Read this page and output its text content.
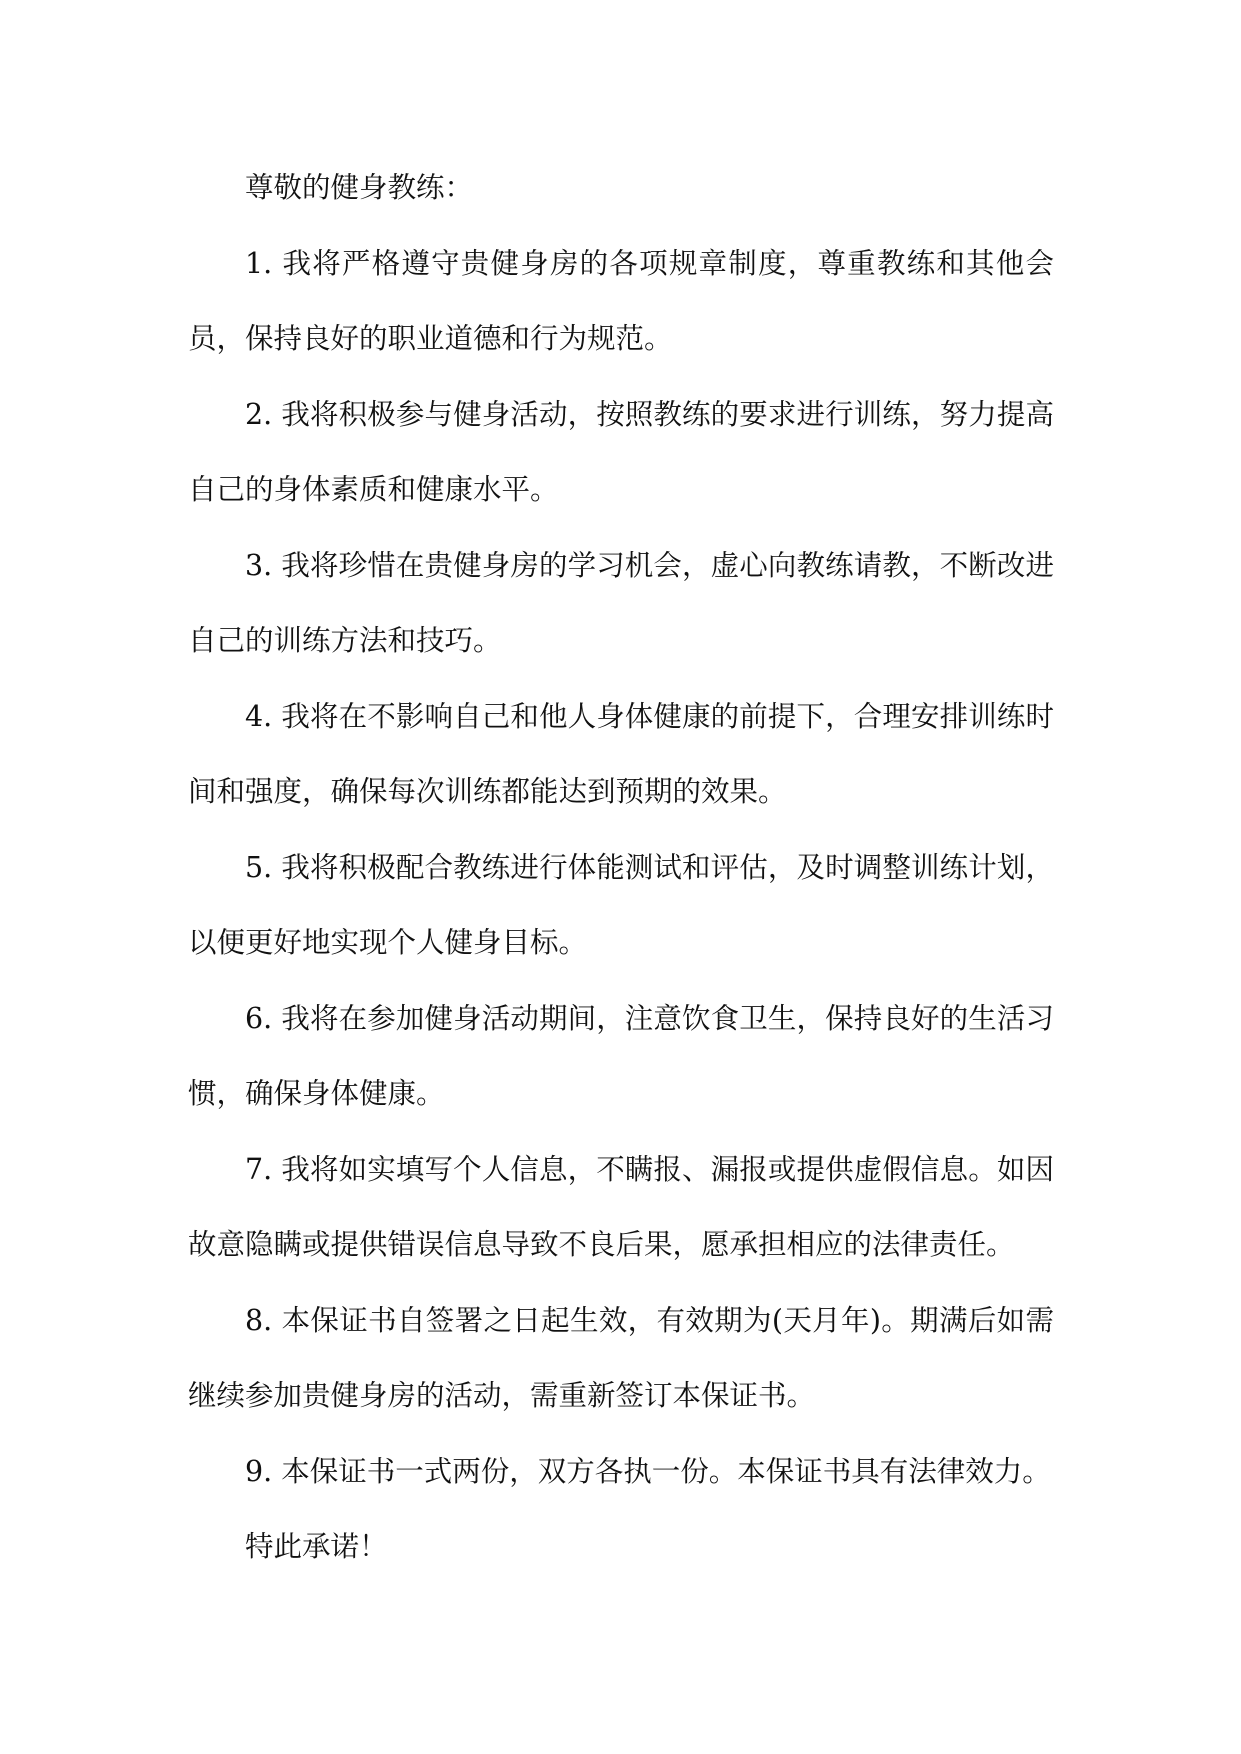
尊敬的健身教练：

1. 我将严格遵守贵健身房的各项规章制度，尊重教练和其他会员，保持良好的职业道德和行为规范。

2. 我将积极参与健身活动，按照教练的要求进行训练，努力提高自己的身体素质和健康水平。

3. 我将珍惜在贵健身房的学习机会，虚心向教练请教，不断改进自己的训练方法和技巧。

4. 我将在不影响自己和他人身体健康的前提下，合理安排训练时间和强度，确保每次训练都能达到预期的效果。

5. 我将积极配合教练进行体能测试和评估，及时调整训练计划，以便更好地实现个人健身目标。

6. 我将在参加健身活动期间，注意饮食卫生，保持良好的生活习惯，确保身体健康。

7. 我将如实填写个人信息，不瞒报、漏报或提供虚假信息。如因故意隐瞒或提供错误信息导致不良后果，愿承担相应的法律责任。

8. 本保证书自签署之日起生效，有效期为(天月年)。期满后如需继续参加贵健身房的活动，需重新签订本保证书。

9. 本保证书一式两份，双方各执一份。本保证书具有法律效力。

特此承诺！
